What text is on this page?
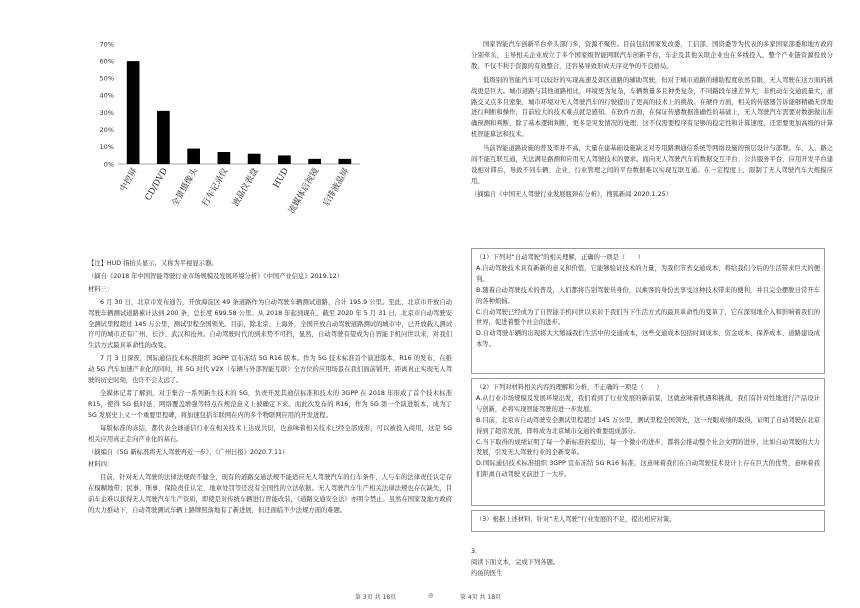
0%
10%
20%
30%
40%
50%
60%
70%
中控屏 CD/DVD 全景摄像头 行车记录仪 液晶仪表盘 HUD
流媒体后视镜 后排液晶屏

【注】HUD 指抬头显示，又称为平视显示器。

（摘自《2018 年中国智能驾驶行业市场规模及发展环境分析》《中国产业信息》2019.12）

材料三：

6 月 30 日，北京市发布通告，开放海淀区 49 条道路作为自动驾驶车辆测试道路，合计 195.9 公里。至此，北京市开放自动驾驶车辆测试道路累计达到 200 条，总长度 699.58 公里。从 2018 年起到现在，截至 2020 年 5 月 31 日，北京市自动驾驶安全测试里程超过 145 万公里，测试里程全国领先。目前，除北京、上海外，全国开放自动驾驶道路测试的城市中，已开放载人测试许可的城市还有广州、长沙、武汉和沧州。自动驾驶时代的到来势不可挡，显然，自动驾驶有望成为自智能手机问世以来，对我们生活方式最具革命性的改变。

7 月 3 日深夜，国际通信技术标准组织 3GPP 宣布冻结 5G R16 版本。作为 5G 技术标准首个演进版本，R16 的发布，在推动 5G 汽车加速产业化的同时，将 5G 时代 V2X（车辆与外部智能互联）全方位的应用场景在我们面前铺开，距离真正实现无人驾驶的历史时刻，也许不会太远了。

全媒体记者了解到，对于集合一系列新生技术的 5G，负责开发其通信标准和技术的 3GPP 在 2018 年形成了首个技术标准 R15，使得 5G 低时延、网络覆盖增强等特点在规范意义上被确定下来。而此次发布的 R16，作为 5G 第一个演进版本，成为了 5G 发展史上又一个重要里程碑，将加速包括车联网在内的多个物联网应用的开发进程。

每版标准的冻结，都代表全球通信行业在相关技术上达成共识，也意味着相关技术已经全部成形，可以被投入商用，这是 5G 相关应用真正走向产业化的基石。

（摘编自《5G 新标准将无人驾驶再近一步》，《广州日报》2020.7.11）

材料四：

目前，针对无人驾驶的法律法规尚不健全，现有的道路交通法规不能适应无人驾驶汽车的行车条件，人与车的法律责任认定存在模糊地带；民事、刑事、保险责任认定、地章处罚等还没有全国性的立法依据。无人驾驶汽车生产相关法律法规也存在缺失，目前车企难以获得无人驾驶汽车生产资质，即使是对传统车辆进行智能改装，《道路交通安全法》亦明令禁止。虽然在国家及地方政府的大力推动下，自动驾驶测试车辆上路牌照落地有了新进展，但还面临不少法规方面的难题。

国家智能汽车创新平台牵头部门多，资源不聚焦。目前包括国家发改委、工信部、国资委等为代表的多家国家部委和地方政府分别牵头，主导相关企业成立了多个国家级智能网联汽车创新平台，车企及其他关联企业也在多线投入，整个产业链资源投放分散，不仅不利于资源的有效整合，还容易导致形成无序竞争的不良格局。

低级别的智能汽车可以较好的实现高速及郊区道路的辅助驾驶，但对于城市道路的辅助程度依然有限，无人驾驶在这方面的挑战更是巨大。城市道路与其他道路相比，环境更为复杂，车辆数量多且种类复杂，不同路段车速差异大，非机动车交通流量大，道路交叉点多且密集，城市环境对无人驾驶汽车的行驶提出了更高的技术上的挑战。在硬件方面，相关的传感器告诉能够精确无误地进行判断和操作，目前较大的技术难点就是感知。在软件方面，在保证传感数据准确性的基础上，无人驾驶汽车需要对数据做出准确预测和判断，除了基本逻辑判断，更多是突发情况的处理，这不仅需要程序有足够的稳定性和计算速度，还需要更加高级的计算机智能算法和技术。

当前智能道路设施的普及率并不高，大量在建基础设施缺乏对专用路测通信系统等网络设施的预层设计与部署。车、人、路之间不能互联互通，无法满足路测和应用无人驾驶技术的要求。面向无人驾驶汽车的数据交互平台、公共服务平台、应用开发平台建设相对滞后，导致不同车辆、企业、行业管理之间的平台数据难以实现互联互通。在一定程度上，限制了无人驾驶汽车大规模应用。

（摘编自《中国无人驾驶行业发展瓶颈在分析》，搜狐新闻 2020.1.25）

（1）下列对“自动驾驶”的相关理解，正确的一项是（　　）

A.自动驾驶技术具有新新的意义和价值，它能够验证技术的力量，为我们节省交通成本，将给我们今后的生活带来巨大的便利。

B.随着自动驾驶技术的普及，人们都将告别驾驶员身份，以乘客的身份去享受这种技术带来的便利，并且完全摆脱日常开车的各种烦恼。

C.自动驾驶已经成为了自智能手机问世以来对于我们当下生活方式的最具革命性的变革了，它在深刻地介入和影响着我们的世界，促进着整个社会的进步。

D.自动驾驶车辆的出现将大大缩减我们生活中的交通成本，这些交通成本包括时间成本、资金成本、保养成本、道路建设成本等。

（2）下列对材料相关内容的理解和分析，不正确的一项是（　　）

A.从行业市场规模及发展环境出发，我们看到了行业发展的新前景，这就意味着机遇和挑战，我们有针对性地进行产品设计与创新，必将实现智能驾驶的进一步发展。

B.目前，北京市自动驾驶安全测试里程超过 145 万公里，测试里程全国领先，这一亮眼成绩的取得，证明了自动驾驶在北京得到了超常发展，即将成为北京城市交通的重要组成部分。

C.当下取得的成绩证明了每一个新标准的提出，每一个微小的进步，都将会推动整个社会文明的进步，比如自动驾驶的大力发展，引发无人驾驶行业的全新变革。

D.国际通信技术标准组织 3GPP 宣布冻结 5G R16 标准，这意味着我们在自动驾驶技术设计上存在巨大的优势，意味着我们距离自动驾驶又前进了一大步。

（3）根据上述材料，针对“无人驾驶”行业发展的不足，提出相应对策。

3.

阅读下面文本，完成下列各题。

约鱼的医生

第 3页 共 18页	◎	第 4页 共 18页
